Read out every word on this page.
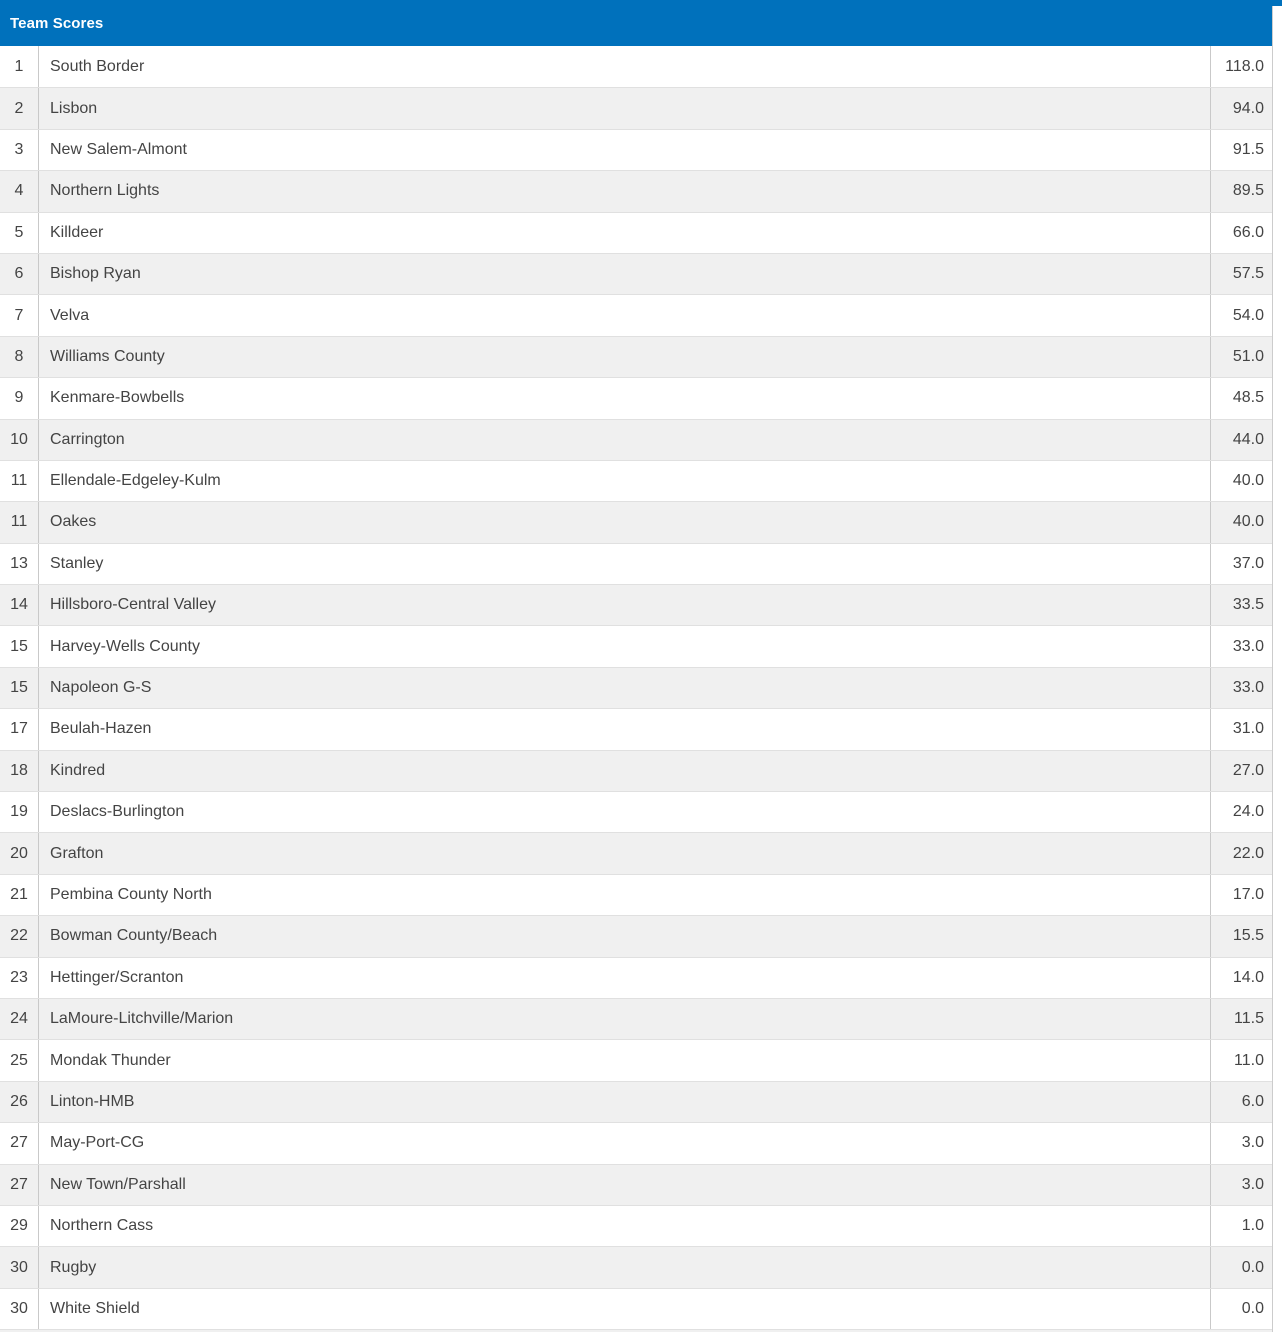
Team Scores
1	South Border	118.0
2	Lisbon	94.0
3	New Salem-Almont	91.5
4	Northern Lights	89.5
5	Killdeer	66.0
6	Bishop Ryan	57.5
7	Velva	54.0
8	Williams County	51.0
9	Kenmare-Bowbells	48.5
10	Carrington	44.0
11	Ellendale-Edgeley-Kulm	40.0
11	Oakes	40.0
13	Stanley	37.0
14	Hillsboro-Central Valley	33.5
15	Harvey-Wells County	33.0
15	Napoleon G-S	33.0
17	Beulah-Hazen	31.0
18	Kindred	27.0
19	Deslacs-Burlington	24.0
20	Grafton	22.0
21	Pembina County North	17.0
22	Bowman County/Beach	15.5
23	Hettinger/Scranton	14.0
24	LaMoure-Litchville/Marion	11.5
25	Mondak Thunder	11.0
26	Linton-HMB	6.0
27	May-Port-CG	3.0
27	New Town/Parshall	3.0
29	Northern Cass	1.0
30	Rugby	0.0
30	White Shield	0.0
